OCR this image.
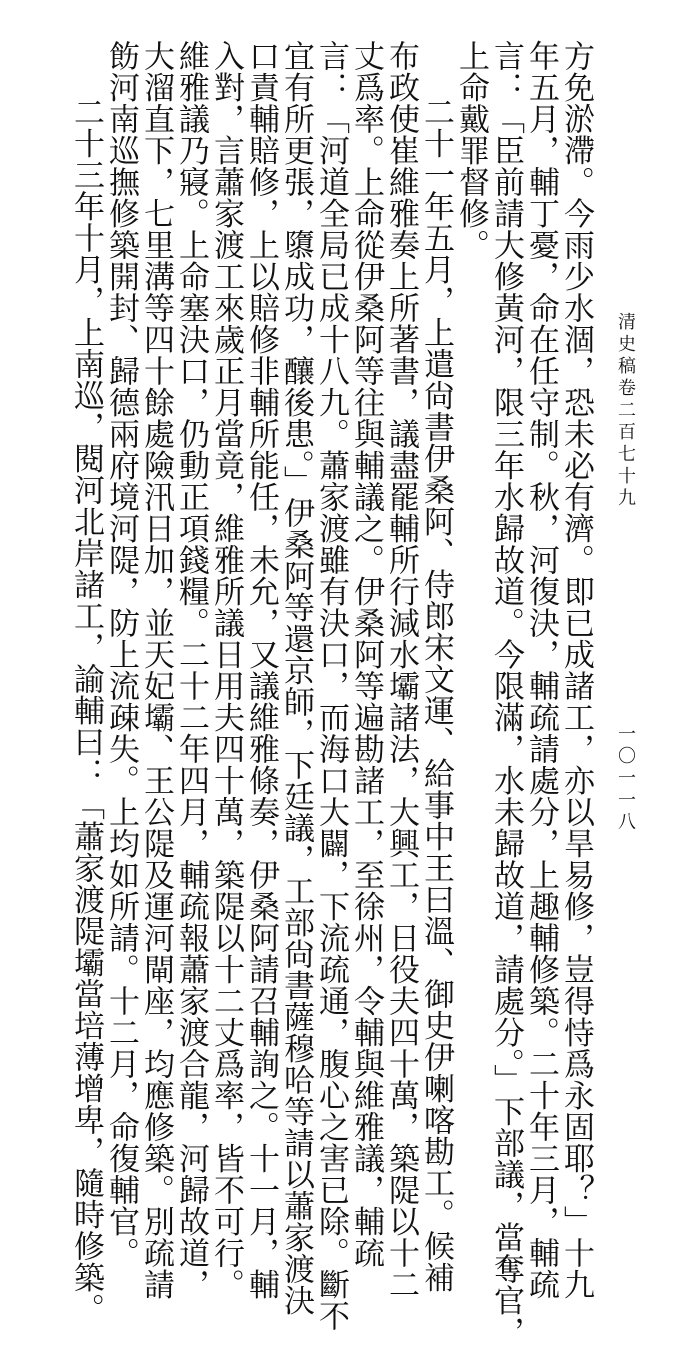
清史稿卷二百七十九
一〇一一八
方免淤滯。今雨少水涸，恐未必有濟。即已成諸工，亦以旱易修，豈得恃爲永固耶？」十九
年五月，輔丁憂，命在任守制。秋，河復決，輔疏請處分，上趣輔修築。二十年三月，輔疏
言：「臣前請大修黃河，限三年水歸故道。今限滿，水未歸故道，請處分。」下部議，當奪官，
上命戴罪督修。
二十一年五月，上遣尙書伊桑阿、侍郎宋文運、給事中王曰溫、御史伊喇喀勘工。候補
布政使崔維雅奏上所著書，議盡罷輔所行減水壩諸法，大興工，日役夫四十萬，築隄以十二
丈爲率。上命從伊桑阿等往與輔議之。伊桑阿等遍勘諸工，至徐州，令輔與維雅議，輔疏
言：「河道全局已成十八九。蕭家渡雖有決口，而海口大闢，下流疏通，腹心之害已除。斷不
宜有所更張，隳成功，釀後患。」伊桑阿等還京師，下廷議，工部尙書薩穆哈等請以蕭家渡決
口責輔賠修，上以賠修非輔所能任，未允，又議維雅條奏，伊桑阿請召輔詢之。十一月，輔
入對，言蕭家渡工來歲正月當竟，維雅所議日用夫四十萬，築隄以十二丈爲率，皆不可行。
維雅議乃寢。上命塞決口，仍動正項錢糧。二十二年四月，輔疏報蕭家渡合龍，河歸故道，
大溜直下，七里溝等四十餘處險汛日加，並天妃壩、王公隄及運河閘座，均應修築。別疏請
飭河南巡撫修築開封、歸德兩府境河隄，防上流疎失。上均如所請。十二月，命復輔官。
二十三年十月，上南巡，閱河北岸諸工，諭輔曰：「蕭家渡隄壩當培薄增卑，隨時修築。
